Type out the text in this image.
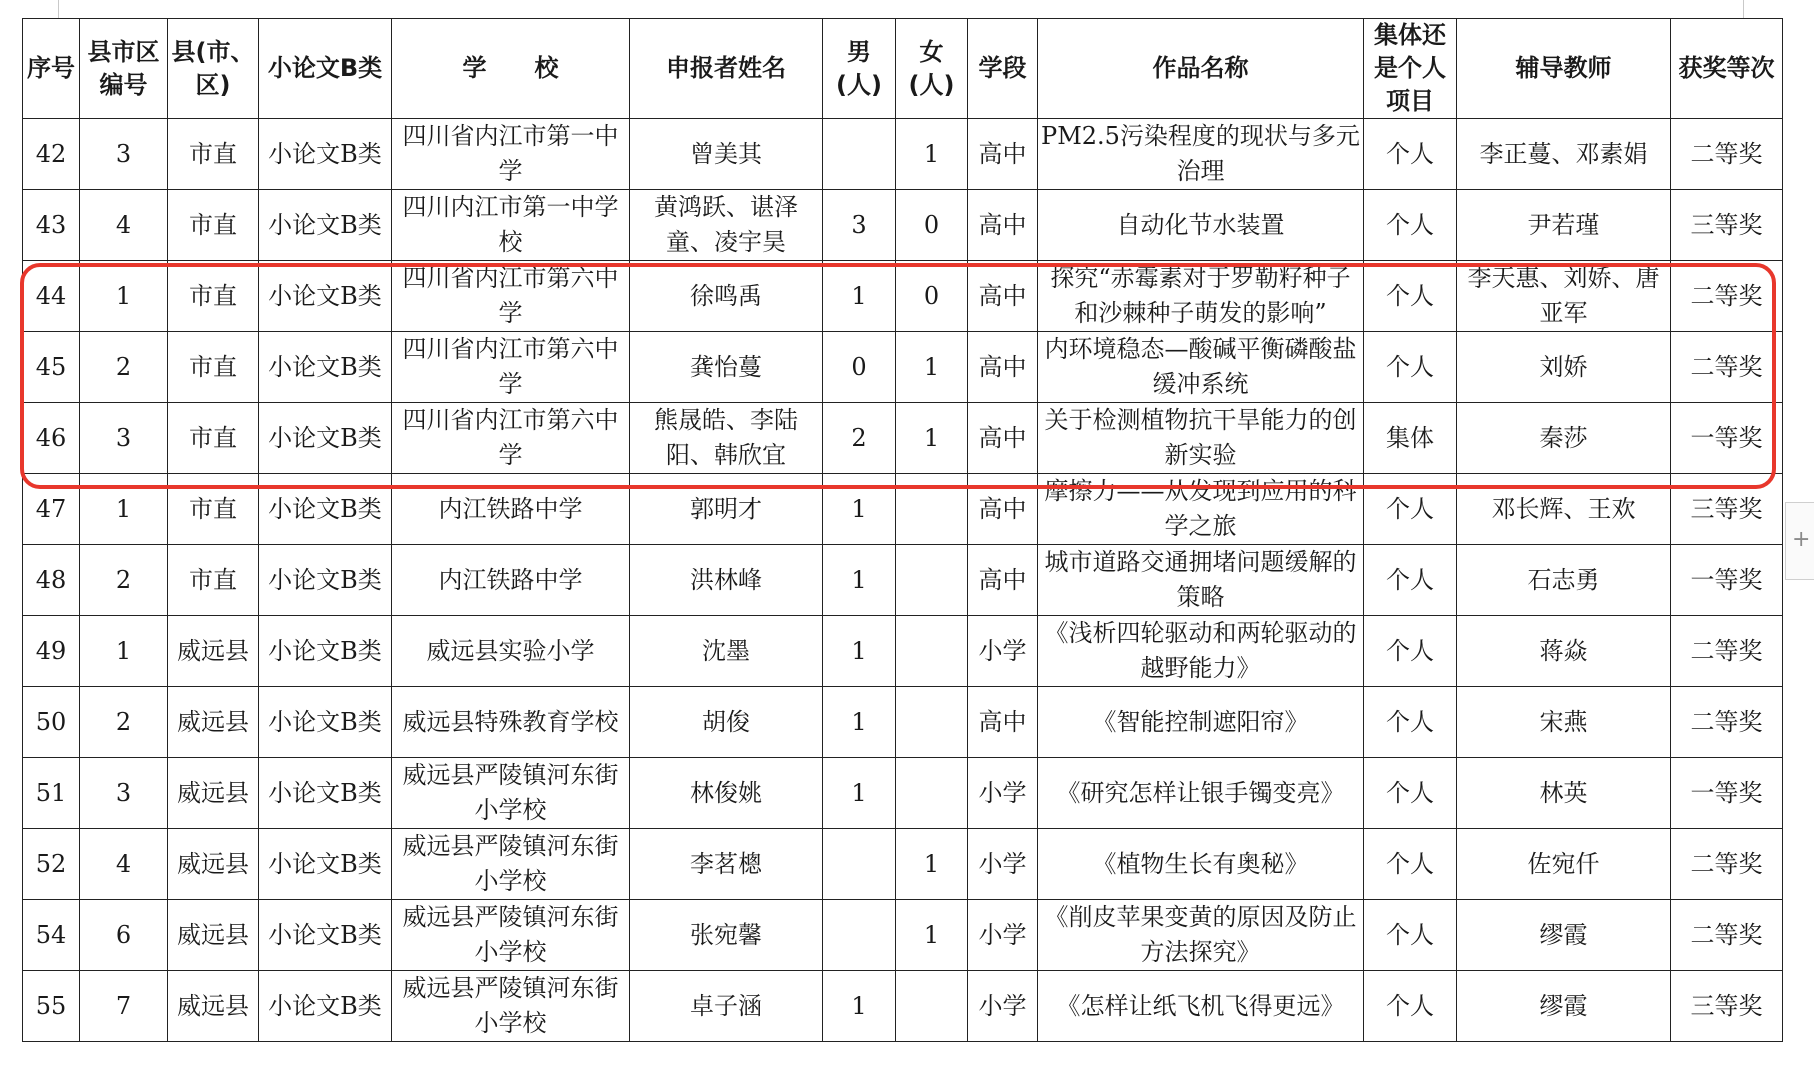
序号	县市区编号	县(市、区)	小论文B类	学　　校	申报者姓名	男(人)	女(人)	学段	作品名称	集体还是个人项目	辅导教师	获奖等次
42	3	市直	小论文B类	四川省内江市第一中学	曾美其		1	高中	PM2.5污染程度的现状与多元治理	个人	李正蔓、邓素娟	二等奖
43	4	市直	小论文B类	四川内江市第一中学校	黄鸿跃、谌泽童、凌宇昊	3	0	高中	自动化节水装置	个人	尹若瑾	三等奖
44	1	市直	小论文B类	四川省内江市第六中学	徐鸣禹	1	0	高中	探究“赤霉素对于罗勒籽种子和沙棘种子萌发的影响”	个人	李天惠、刘娇、唐亚军	二等奖
45	2	市直	小论文B类	四川省内江市第六中学	龚怡蔓	0	1	高中	内环境稳态—酸碱平衡磷酸盐缓冲系统	个人	刘娇	二等奖
46	3	市直	小论文B类	四川省内江市第六中学	熊晟皓、李陆阳、韩欣宜	2	1	高中	关于检测植物抗干旱能力的创新实验	集体	秦莎	一等奖
47	1	市直	小论文B类	内江铁路中学	郭明才	1		高中	摩擦力——从发现到应用的科学之旅	个人	邓长辉、王欢	三等奖
48	2	市直	小论文B类	内江铁路中学	洪林峰	1		高中	城市道路交通拥堵问题缓解的策略	个人	石志勇	一等奖
49	1	威远县	小论文B类	威远县实验小学	沈墨	1		小学	《浅析四轮驱动和两轮驱动的越野能力》	个人	蒋焱	二等奖
50	2	威远县	小论文B类	威远县特殊教育学校	胡俊	1		高中	《智能控制遮阳帘》	个人	宋燕	二等奖
51	3	威远县	小论文B类	威远县严陵镇河东街小学校	林俊姚	1		小学	《研究怎样让银手镯变亮》	个人	林英	一等奖
52	4	威远县	小论文B类	威远县严陵镇河东街小学校	李茗樬		1	小学	《植物生长有奥秘》	个人	佐宛仟	二等奖
54	6	威远县	小论文B类	威远县严陵镇河东街小学校	张宛馨		1	小学	《削皮苹果变黄的原因及防止方法探究》	个人	缪霞	二等奖
55	7	威远县	小论文B类	威远县严陵镇河东街小学校	卓子涵	1		小学	《怎样让纸飞机飞得更远》	个人	缪霞	三等奖
+
